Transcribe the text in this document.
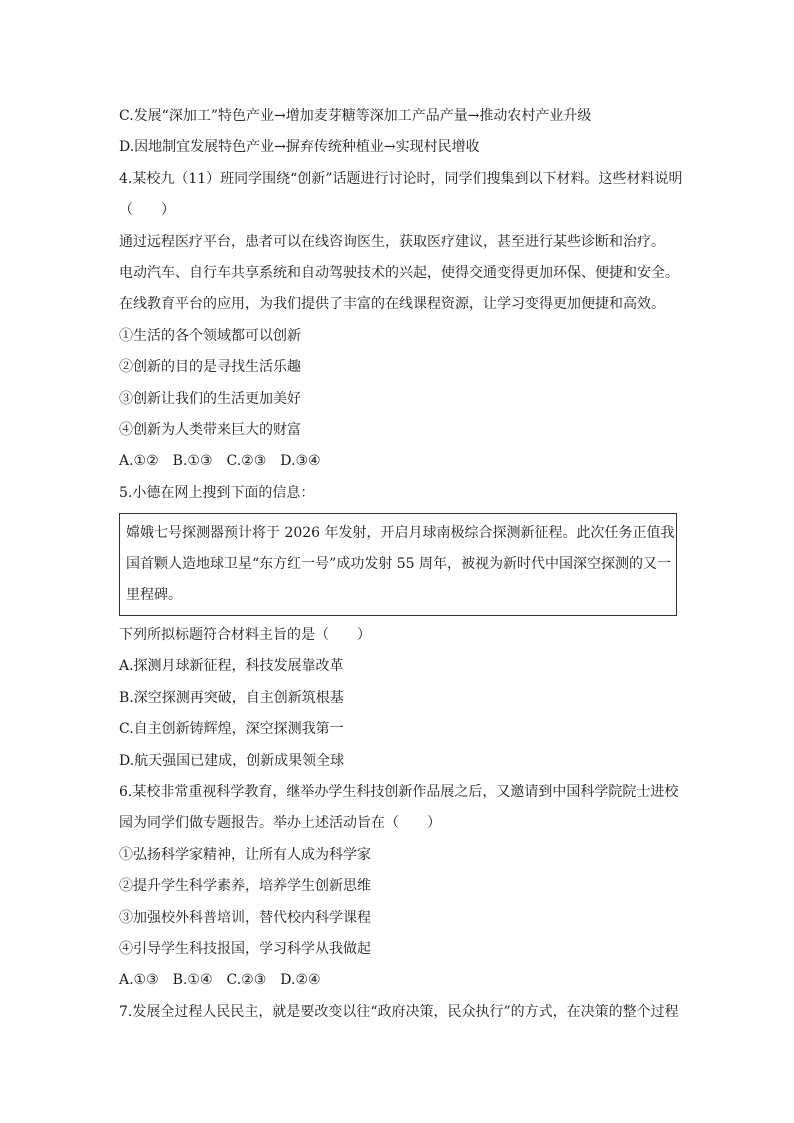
C.发展“深加工”特色产业→增加麦芽糖等深加工产品产量→推动农村产业升级
D.因地制宜发展特色产业→摒弃传统种植业→实现村民增收
4.某校九（11）班同学围绕“创新”话题进行讨论时，同学们搜集到以下材料。这些材料说明
（　　）
通过远程医疗平台，患者可以在线咨询医生，获取医疗建议，甚至进行某些诊断和治疗。
电动汽车、自行车共享系统和自动驾驶技术的兴起，使得交通变得更加环保、便捷和安全。
在线教育平台的应用，为我们提供了丰富的在线课程资源，让学习变得更加便捷和高效。
①生活的各个领域都可以创新
②创新的目的是寻找生活乐趣
③创新让我们的生活更加美好
④创新为人类带来巨大的财富
A.①② B.①③ C.②③ D.③④
5.小德在网上搜到下面的信息：
嫦娥七号探测器预计将于 2026 年发射，开启月球南极综合探测新征程。此次任务正值我
国首颗人造地球卫星“东方红一号”成功发射 55 周年，被视为新时代中国深空探测的又一
里程碑。
下列所拟标题符合材料主旨的是（　　）
A.探测月球新征程，科技发展靠改革
B.深空探测再突破，自主创新筑根基
C.自主创新铸辉煌，深空探测我第一
D.航天强国已建成，创新成果领全球
6.某校非常重视科学教育，继举办学生科技创新作品展之后，又邀请到中国科学院院士进校
园为同学们做专题报告。举办上述活动旨在（　　）
①弘扬科学家精神，让所有人成为科学家
②提升学生科学素养，培养学生创新思维
③加强校外科普培训，替代校内科学课程
④引导学生科技报国，学习科学从我做起
A.①③ B.①④ C.②③ D.②④
7.发展全过程人民民主，就是要改变以往“政府决策，民众执行”的方式，在决策的整个过程
